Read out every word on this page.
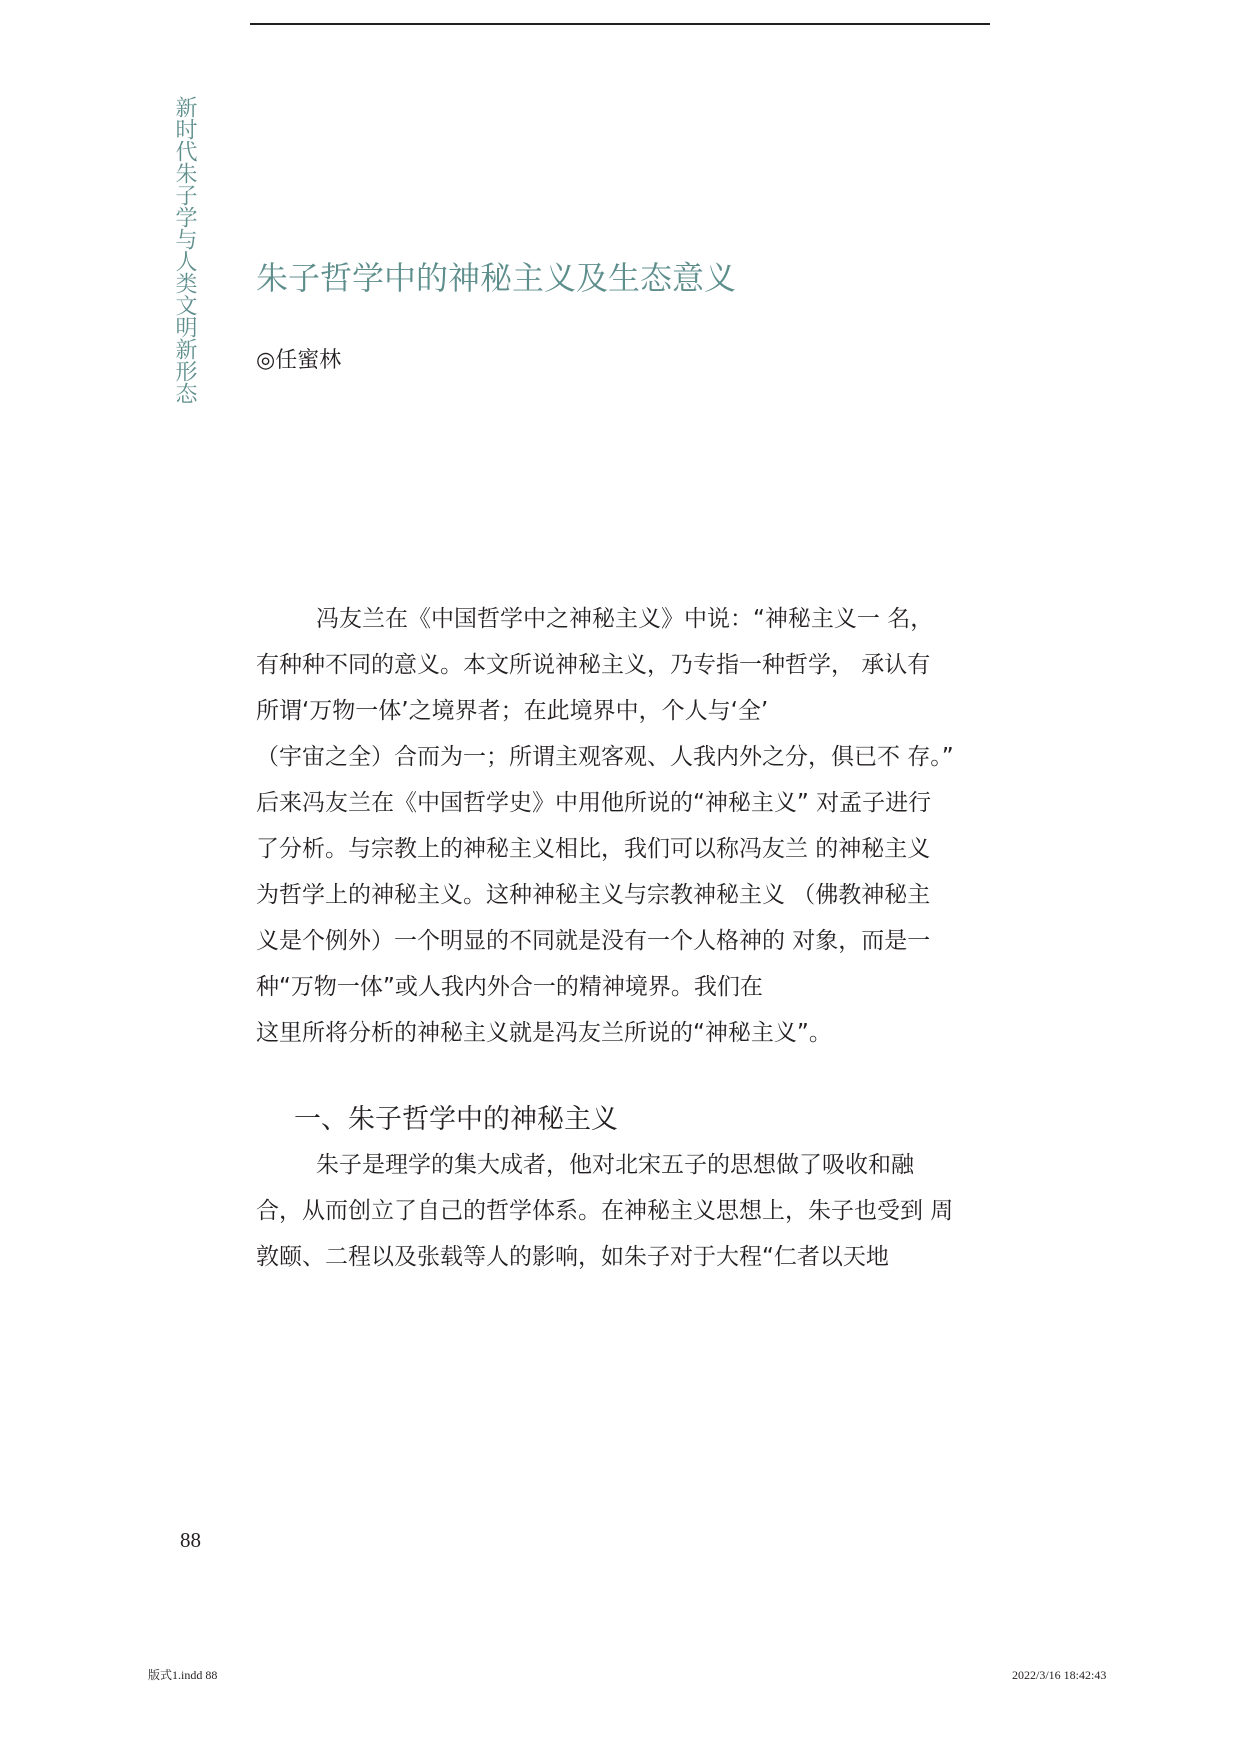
新时代朱子学与人类文明新形态 朱子哲学中的神秘主义及生态意义
◎任蜜林
冯友兰在《中国哲学中之神秘主义》中说：“神秘主义一 名，
有种种不同的意义。本文所说神秘主义，乃专指一种哲学， 承认有
所谓‘万物一体’之境界者；在此境界中，个人与‘全’
（宇宙之全）合而为一；所谓主观客观、人我内外之分，俱已不 存。”
后来冯友兰在《中国哲学史》中用他所说的“神秘主义” 对孟子进行
了分析。与宗教上的神秘主义相比，我们可以称冯友兰 的神秘主义
为哲学上的神秘主义。这种神秘主义与宗教神秘主义 （佛教神秘主
义是个例外）一个明显的不同就是没有一个人格神的 对象，而是一
种“万物一体”或人我内外合一的精神境界。我们在
这里所将分析的神秘主义就是冯友兰所说的“神秘主义”。
一、朱子哲学中的神秘主义
朱子是理学的集大成者，他对北宋五子的思想做了吸收和融
合，从而创立了自己的哲学体系。在神秘主义思想上，朱子也受到 周
敦颐、二程以及张载等人的影响，如朱子对于大程“仁者以天地
88
版式1.indd 88	2022/3/16 18:42:43
